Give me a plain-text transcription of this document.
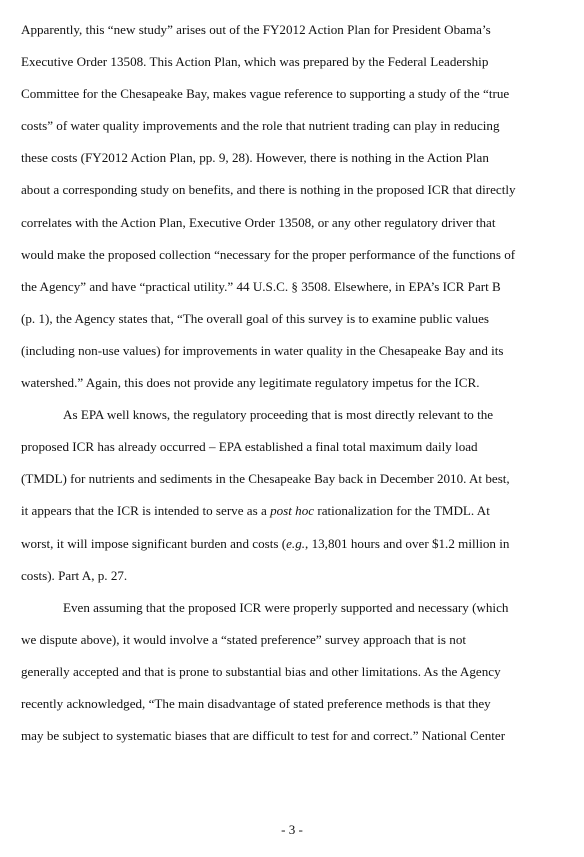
Apparently, this “new study” arises out of the FY2012 Action Plan for President Obama’s
Executive Order 13508. This Action Plan, which was prepared by the Federal Leadership
Committee for the Chesapeake Bay, makes vague reference to supporting a study of the “true
costs” of water quality improvements and the role that nutrient trading can play in reducing
these costs (FY2012 Action Plan, pp. 9, 28). However, there is nothing in the Action Plan
about a corresponding study on benefits, and there is nothing in the proposed ICR that directly
correlates with the Action Plan, Executive Order 13508, or any other regulatory driver that
would make the proposed collection “necessary for the proper performance of the functions of
the Agency” and have “practical utility.” 44 U.S.C. § 3508. Elsewhere, in EPA’s ICR Part B
(p. 1), the Agency states that, “The overall goal of this survey is to examine public values
(including non-use values) for improvements in water quality in the Chesapeake Bay and its
watershed.” Again, this does not provide any legitimate regulatory impetus for the ICR.
As EPA well knows, the regulatory proceeding that is most directly relevant to the
proposed ICR has already occurred – EPA established a final total maximum daily load
(TMDL) for nutrients and sediments in the Chesapeake Bay back in December 2010. At best,
it appears that the ICR is intended to serve as a post hoc rationalization for the TMDL. At
worst, it will impose significant burden and costs (e.g., 13,801 hours and over $1.2 million in
costs). Part A, p. 27.
Even assuming that the proposed ICR were properly supported and necessary (which
we dispute above), it would involve a “stated preference” survey approach that is not
generally accepted and that is prone to substantial bias and other limitations. As the Agency
recently acknowledged, “The main disadvantage of stated preference methods is that they
may be subject to systematic biases that are difficult to test for and correct.” National Center
- 3 -
